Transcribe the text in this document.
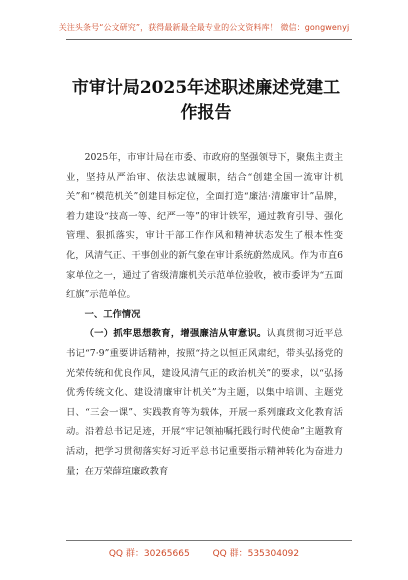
关注头条号“公文研究”，获得最新最全最专业的公文资料库！ 微信：gongwenyj
市审计局2025年述职述廉述党建工作报告

2025年，市审计局在市委、市政府的坚强领导下，聚焦主责主业，坚持从严治审、依法忠诚履职，结合“创建全国一流审计机关”和“模范机关”创建目标定位，全面打造“廉洁·清廉审计”品牌，着力建设“技高一等、纪严一等”的审计铁军，通过教育引导、强化管理、狠抓落实，审计干部工作作风和精神状态发生了根本性变化，风清气正、干事创业的新气象在审计系统蔚然成风。作为市直6家单位之一，通过了省级清廉机关示范单位验收，被市委评为“五面红旗”示范单位。

一、工作情况

（一）抓牢思想教育，增强廉洁从审意识。认真贯彻习近平总书记“7·9”重要讲话精神，按照“持之以恒正风肃纪，带头弘扬党的光荣传统和优良作风，建设风清气正的政治机关”的要求，以“弘扬优秀传统文化、建设清廉审计机关”为主题，以集中培训、主题党日、“三会一课”、实践教育等为载体，开展一系列廉政文化教育活动。沿着总书记足迹，开展“牢记领袖嘱托践行时代使命”主题教育活动，把学习贯彻落实好习近平总书记重要指示精神转化为奋进力量；在万荣薛瑄廉政教育

QQ 群：30265665	QQ 群：535304092
